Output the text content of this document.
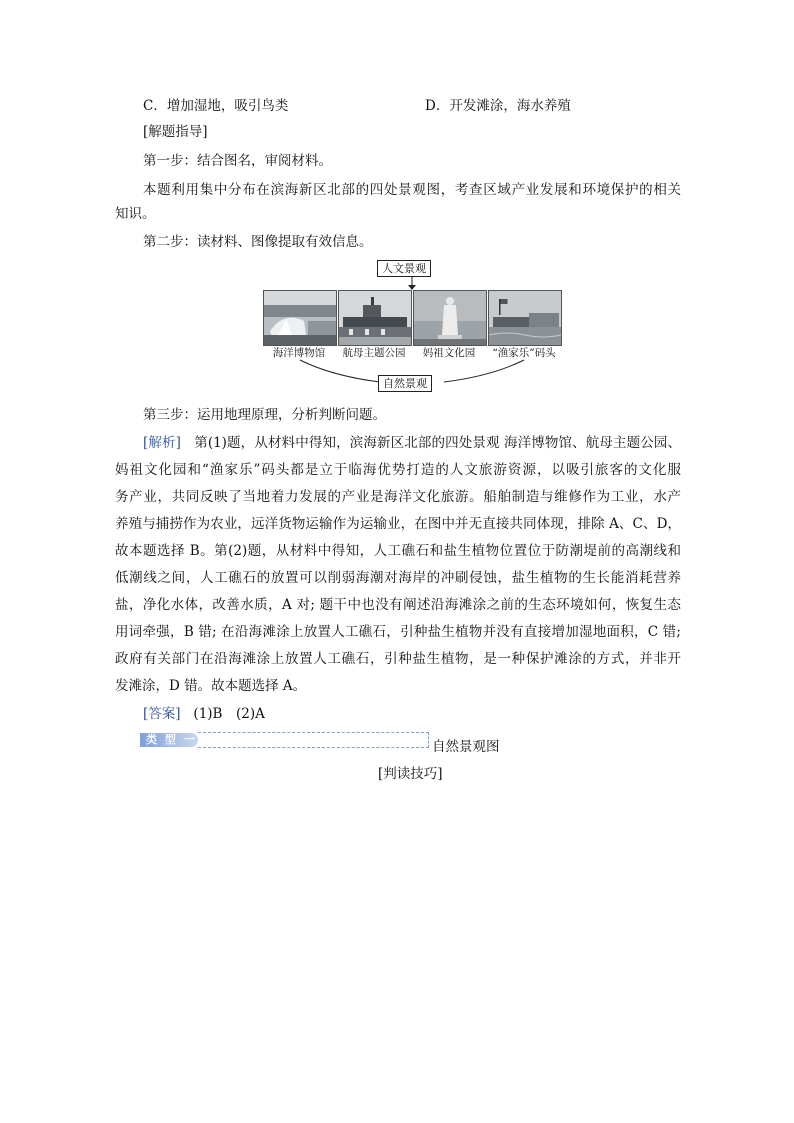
C．增加湿地，吸引鸟类	D．开发滩涂，海水养殖
[解题指导]
第一步：结合图名，审阅材料。
本题利用集中分布在滨海新区北部的四处景观图，考查区域产业发展和环境保护的相关
知识。
第二步：读材料、图像提取有效信息。
人文景观
海洋博物馆	航母主题公园	妈祖文化园	“渔家乐”码头
自然景观
第三步：运用地理原理，分析判断问题。
[解析] 第(1)题，从材料中得知，滨海新区北部的四处景观 海洋博物馆、航母主题公园、
妈祖文化园和“渔家乐”码头都是立于临海优势打造的人文旅游资源，以吸引旅客的文化服
务产业，共同反映了当地着力发展的产业是海洋文化旅游。船舶制造与维修作为工业，水产
养殖与捕捞作为农业，远洋货物运输作为运输业，在图中并无直接共同体现，排除 A、C、D，
故本题选择 B。第(2)题，从材料中得知，人工礁石和盐生植物位置位于防潮堤前的高潮线和
低潮线之间，人工礁石的放置可以削弱海潮对海岸的冲刷侵蚀，盐生植物的生长能消耗营养
盐，净化水体，改善水质，A 对; 题干中也没有阐述沿海滩涂之前的生态环境如何，恢复生态
用词牵强，B 错; 在沿海滩涂上放置人工礁石，引种盐生植物并没有直接增加湿地面积，C 错;
政府有关部门在沿海滩涂上放置人工礁石，引种盐生植物，是一种保护滩涂的方式，并非开
发滩涂，D 错。故本题选择 A。
[答案] (1)B　(2)A
类 型 一	自然景观图
[判读技巧]
